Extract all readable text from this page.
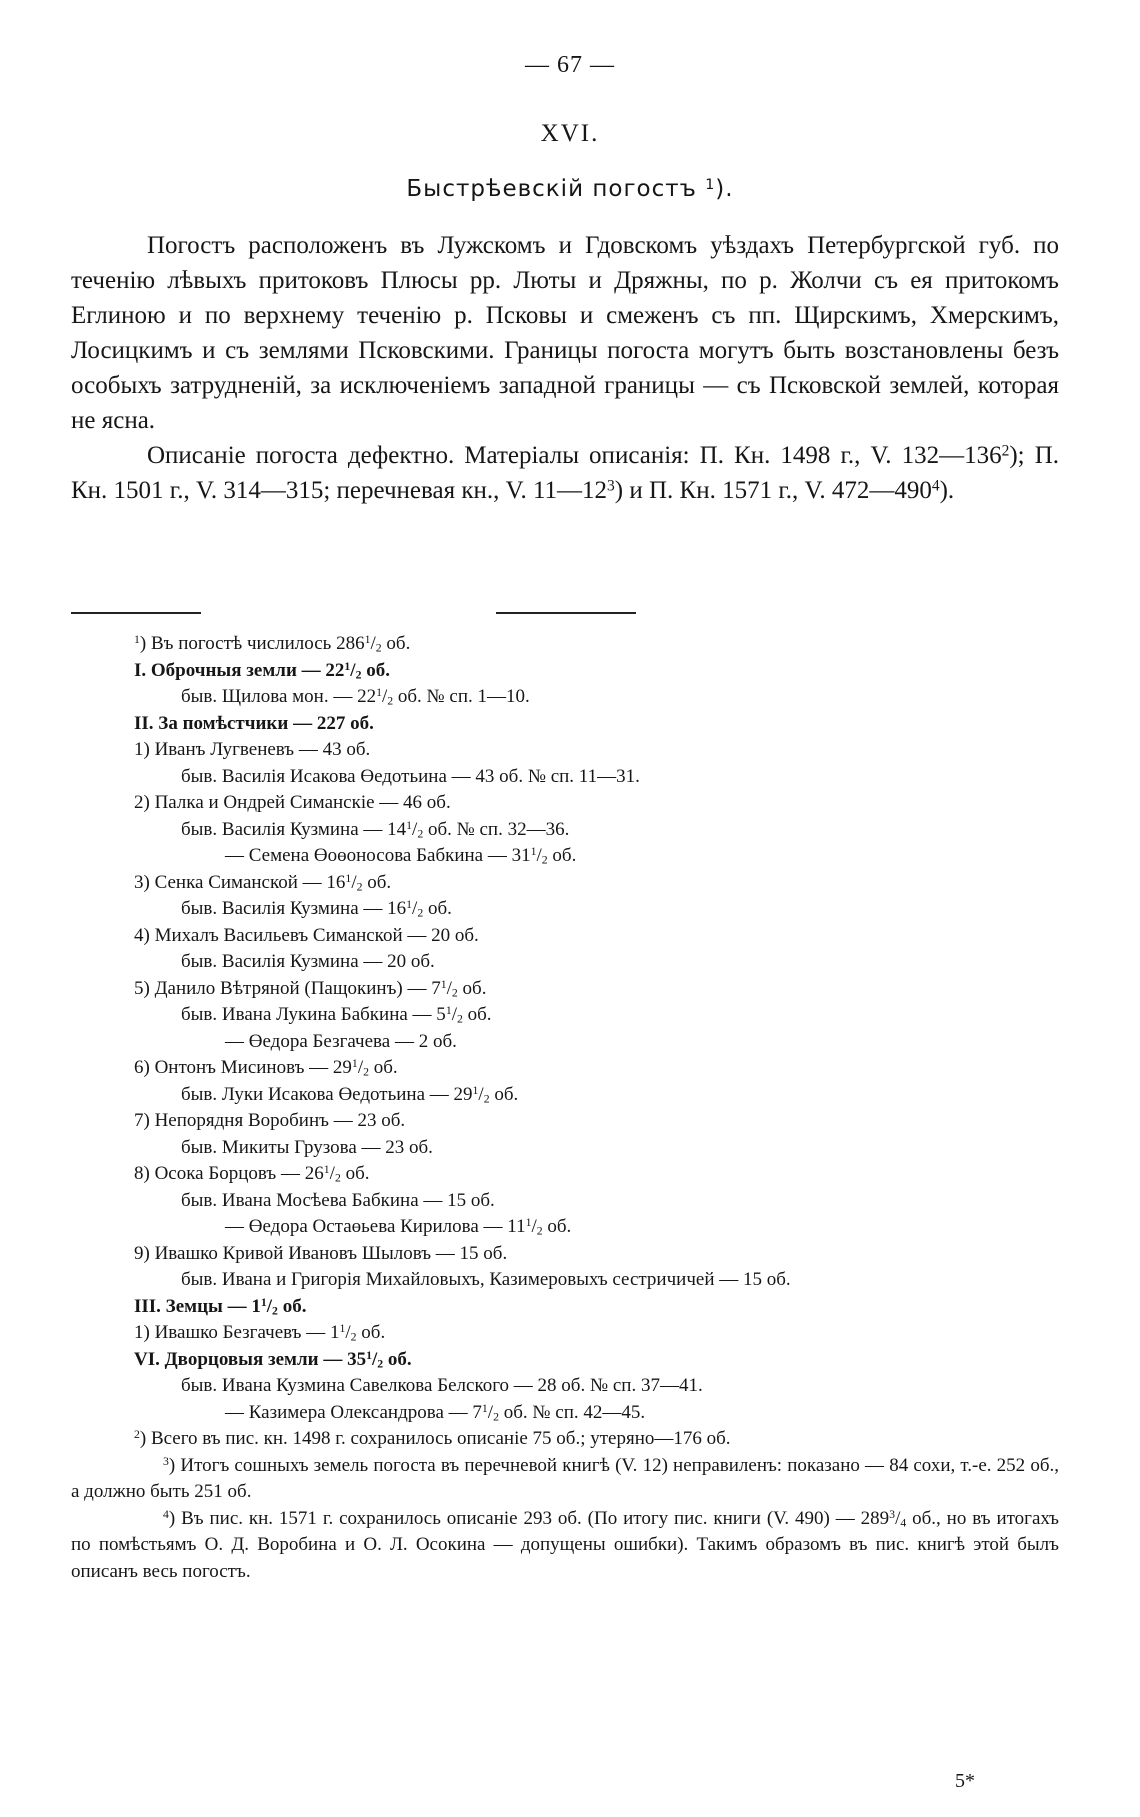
— 67 —
XVI.
Быстрѣевскій погостъ $^1$).

Погостъ расположенъ въ Лужскомъ и Гдовскомъ уѣздахъ Петербургской губ. по теченію лѣвыхъ притоковъ Плюсы рр. Люты и Дряжны, по р. Жолчи съ ея притокомъ Еглиною и по верхнему теченію р. Псковы и смеженъ съ пп. Щирскимъ, Хмерскимъ, Лосицкимъ и съ землями Псковскими. Границы погоста могутъ быть возстановлены безъ особыхъ затрудненій, за исключеніемъ западной границы — съ Псковской землей, которая не ясна.

Описаніе погоста дефектно. Матеріалы описанія: П. Кн. 1498 г., V. $132—136^2$); П. Кн. 1501 г., V. 314—315; перечневая кн., V. $11—12^3$) и П. Кн. 1571 г., V. $472—490^4$).

$^1$) Въ погостѣ числилось $286^1/_2$ об.
I. Оброчныя земли — $22^1/_2$ об.
быв. Щилова мон. — $22^1/_2$ об. № сп. 1—10.
II. За помѣстчики — 227 об.
1) Иванъ Лугвеневъ — 43 об.
быв. Василія Исакова Өедотьина — 43 об. № сп. 11—31.
2) Палка и Ондрей Симанскіе — 46 об.
быв. Василія Кузмина — $14^1/_2$ об. № сп. 32—36.
— Семена Өоөоносова Бабкина — $31^1/_2$ об.
3) Сенка Симанской — $16^1/_2$ об.
быв. Василія Кузмина — $16^1/_2$ об.
4) Михалъ Васильевъ Симанской — 20 об.
быв. Василія Кузмина — 20 об.
5) Данило Вѣтряной (Пащокинъ) — $7^1/_2$ об.
быв. Ивана Лукина Бабкина — $5^1/_2$ об.
— Өедора Безгачева — 2 об.
6) Онтонъ Мисиновъ — $29^1/_2$ об.
быв. Луки Исакова Өедотьина — $29^1/_2$ об.
7) Непорядня Воробинъ — 23 об.
быв. Микиты Грузова — 23 об.
8) Осока Борцовъ — $26^1/_2$ об.
быв. Ивана Мосѣева Бабкина — 15 об.
— Өедора Остаөьева Кирилова — $11^1/_2$ об.
9) Ивашко Кривой Ивановъ Шыловъ — 15 об.
быв. Ивана и Григорія Михайловыхъ, Казимеровыхъ сестричичей — 15 об.
III. Земцы — $1^1/_2$ об.
1) Ивашко Безгачевъ — $1^1/_2$ об.
VI. Дворцовыя земли — $35^1/_2$ об.
быв. Ивана Кузмина Савелкова Белского — 28 об. № сп. 37—41.
— Казимера Олександрова — $7^1/_2$ об. № сп. 42—45.
$^2$) Всего въ пис. кн. 1498 г. сохранилось описаніе 75 об.; утеряно—176 об.
$^3$) Итогъ сошныхъ земель погоста въ перечневой книгѣ (V. 12) неправиленъ: показано — 84 сохи, т.-е. 252 об., а должно быть 251 об.
$^4$) Въ пис. кн. 1571 г. сохранилось описаніе 293 об. (По итогу пис. книги (V. 490) — $289^3/_4$ об., но въ итогахъ по помѣстьямъ О. Д. Воробина и О. Л. Осокина — допущены ошибки). Такимъ образомъ въ пис. книгѣ этой былъ описанъ весь погостъ.
5*
